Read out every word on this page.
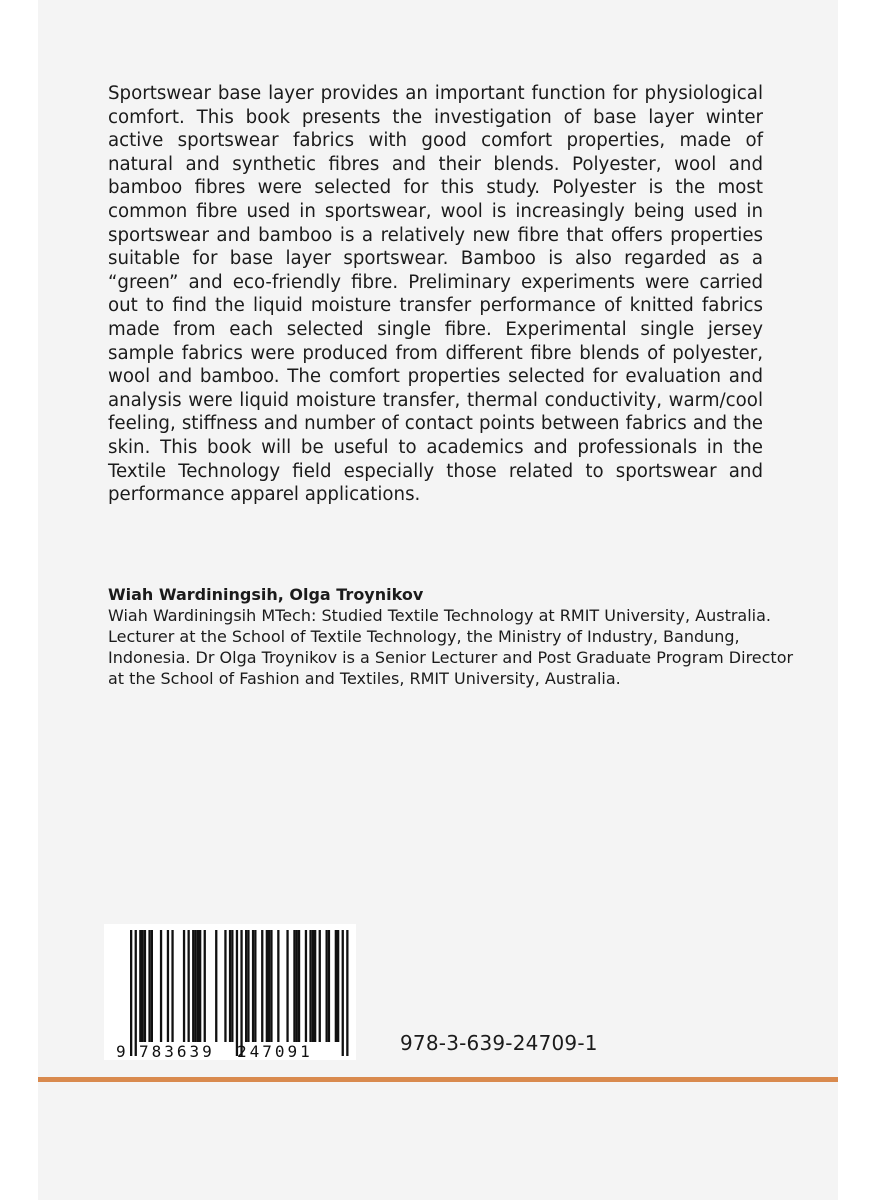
Sportswear base layer provides an important function for physiological comfort. This book presents the investigation of base layer winter active sportswear fabrics with good comfort properties, made of natural and synthetic fibres and their blends. Polyester, wool and bamboo fibres were selected for this study. Polyester is the most common fibre used in sportswear, wool is increasingly being used in sportswear and bamboo is a relatively new fibre that offers properties suitable for base layer sportswear. Bamboo is also regarded as a “green” and eco-friendly fibre. Preliminary experiments were carried out to find the liquid moisture transfer performance of knitted fabrics made from each selected single fibre. Experimental single jersey sample fabrics were produced from different fibre blends of polyester, wool and bamboo. The comfort properties selected for evaluation and analysis were liquid moisture transfer, thermal conductivity, warm/cool feeling, stiffness and number of contact points between fabrics and the skin. This book will be useful to academics and professionals in the Textile Technology field especially those related to sportswear and performance apparel applications.

Wiah Wardiningsih, Olga Troynikov

Wiah Wardiningsih MTech: Studied Textile Technology at RMIT University, Australia. Lecturer at the School of Textile Technology, the Ministry of Industry, Bandung, Indonesia. Dr Olga Troynikov is a Senior Lecturer and Post Graduate Program Director at the School of Fashion and Textiles, RMIT University, Australia.

9 783639 247091	978-3-639-24709-1
